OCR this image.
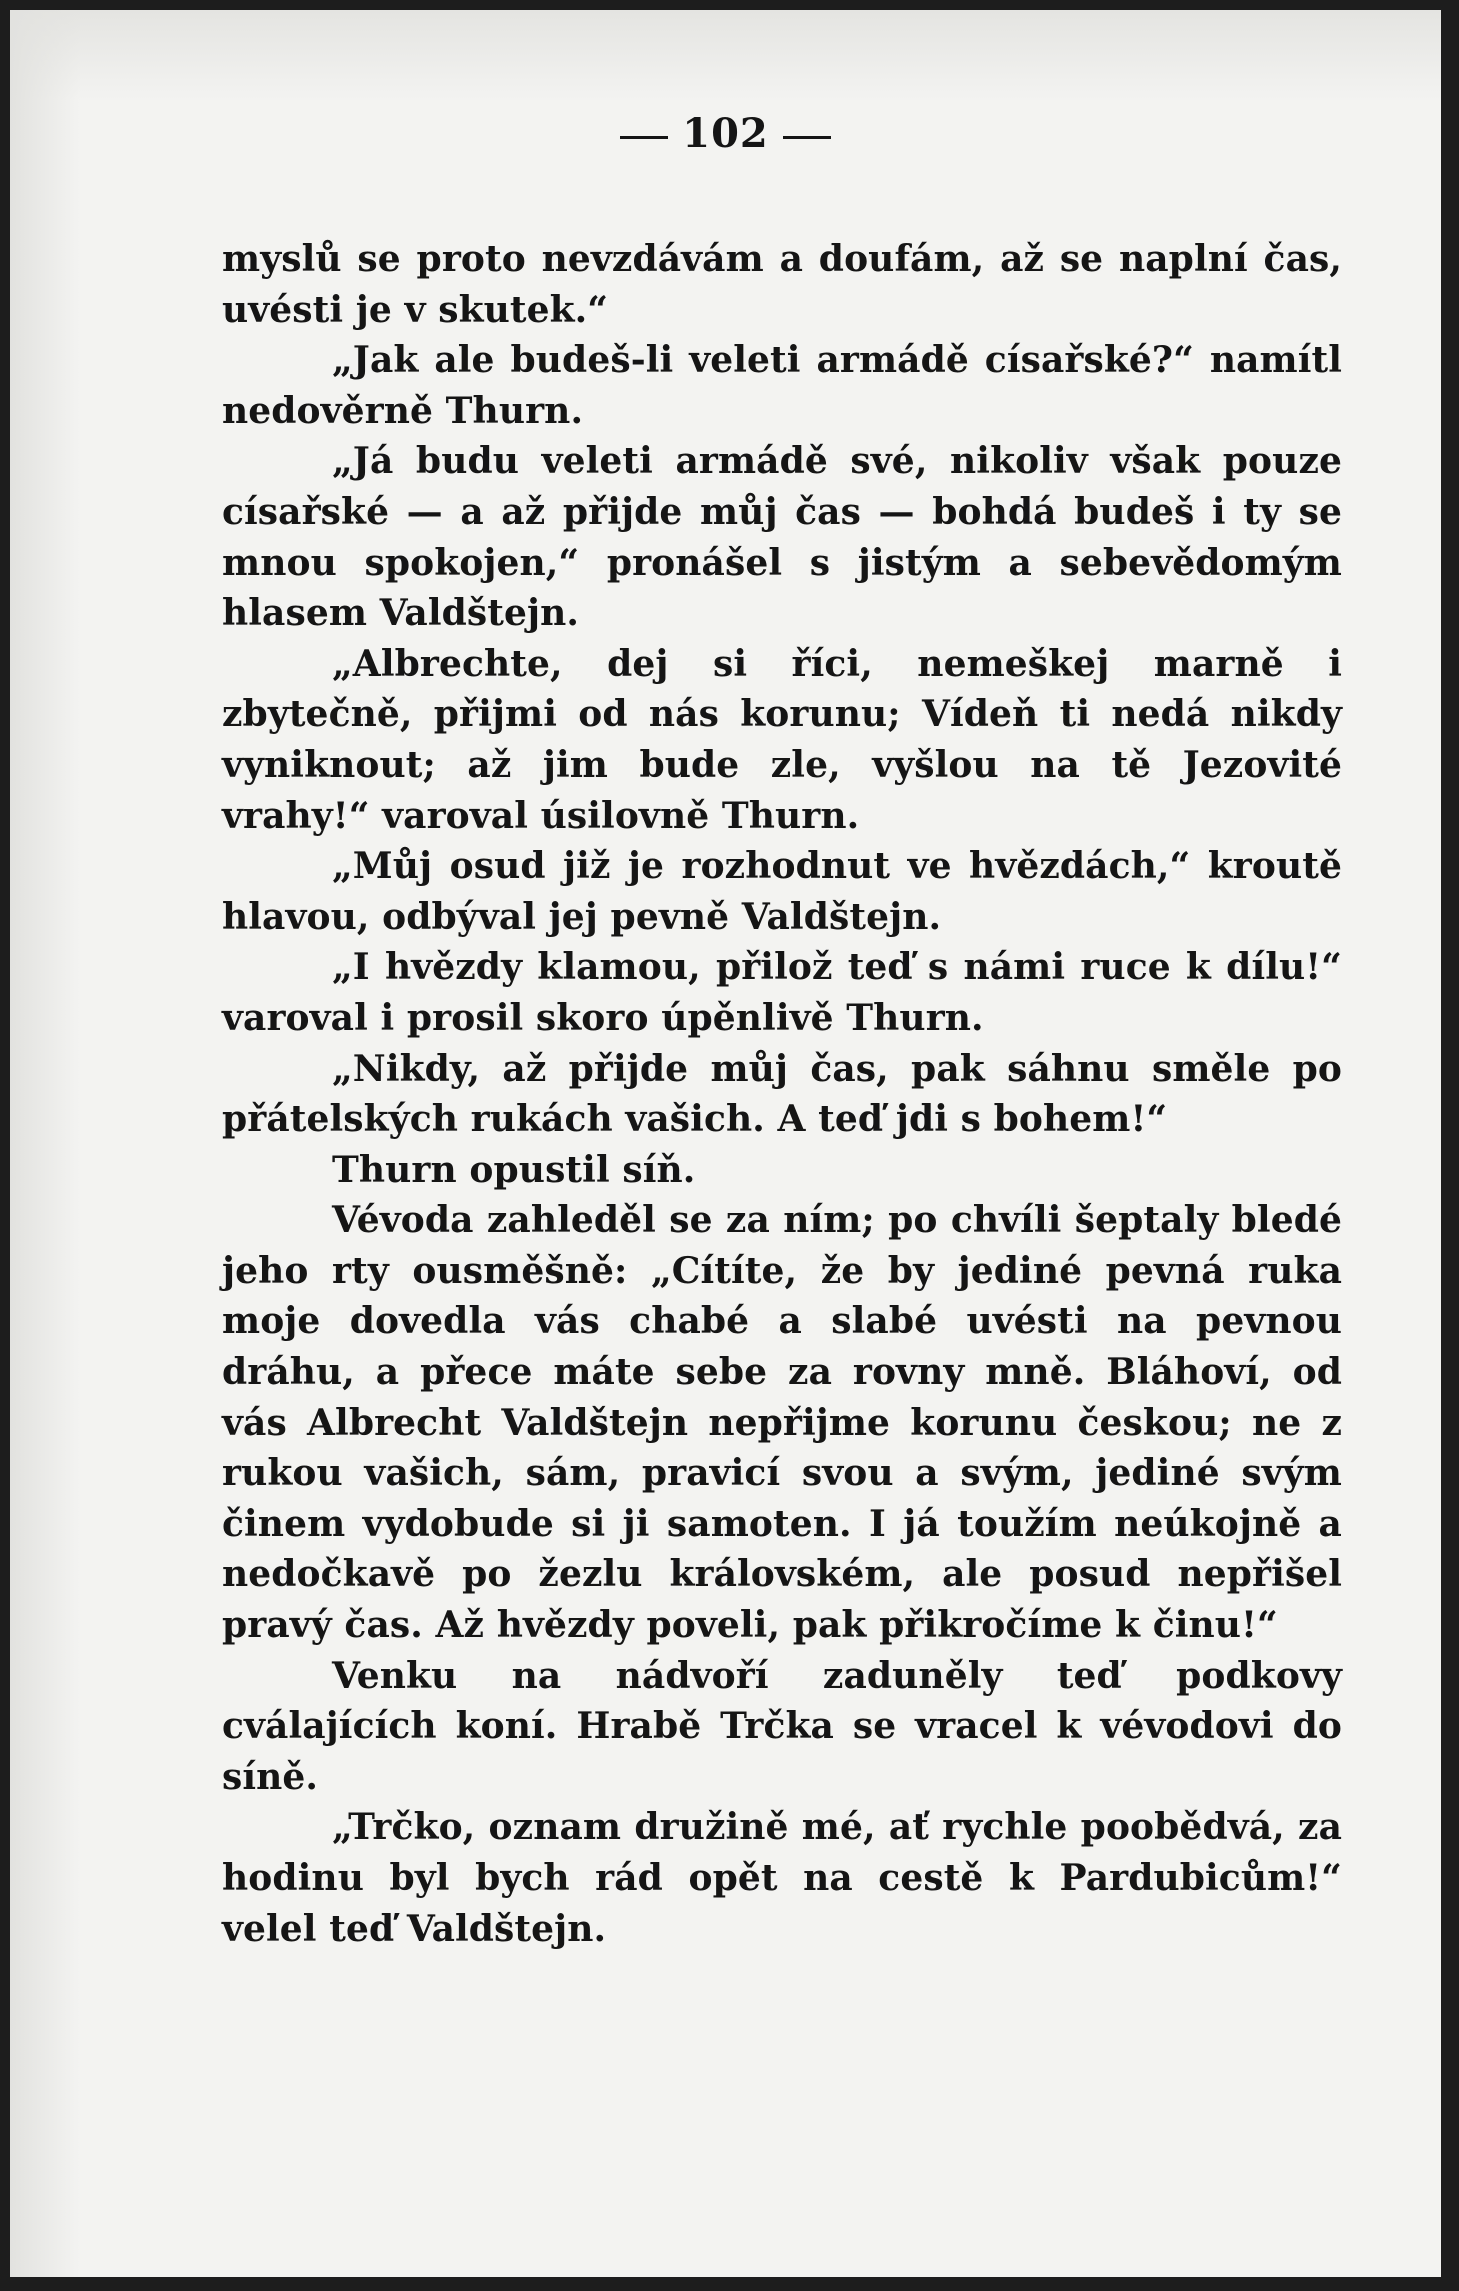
102

myslů se proto nevzdávám a doufám, až se naplní čas, uvésti je v skutek.“

„Jak ale budeš-li veleti armádě císařské?“ namítl nedověrně Thurn.

„Já budu veleti armádě své, nikoliv však pouze císařské — a až přijde můj čas — bohdá budeš i ty se mnou spokojen,“ pronášel s jistým a sebevědomým hlasem Valdštejn.

„Albrechte, dej si říci, nemeškej marně i zbytečně, přijmi od nás korunu; Vídeň ti nedá nikdy vyniknout; až jim bude zle, vyšlou na tě Jezovité vrahy!“ varoval úsilovně Thurn.

„Můj osud již je rozhodnut ve hvězdách,“ kroutě hlavou, odbýval jej pevně Valdštejn.

„I hvězdy klamou, přilož teď s námi ruce k dílu!“ varoval i prosil skoro úpěnlivě Thurn.

„Nikdy, až přijde můj čas, pak sáhnu směle po přátelských rukách vašich. A teď jdi s bohem!“

Thurn opustil síň.

Vévoda zahleděl se za ním; po chvíli šeptaly bledé jeho rty ousměšně: „Cítíte, že by jediné pevná ruka moje dovedla vás chabé a slabé uvésti na pevnou dráhu, a přece máte sebe za rovny mně. Bláhoví, od vás Albrecht Valdštejn nepřijme korunu českou; ne z rukou vašich, sám, pravicí svou a svým, jediné svým činem vydobude si ji samoten. I já toužím neúkojně a nedočkavě po žezlu královském, ale posud nepřišel pravý čas. Až hvězdy poveli, pak přikročíme k činu!“

Venku na nádvoří zaduněly teď podkovy cválajících koní. Hrabě Trčka se vracel k vévodovi do síně.

„Trčko, oznam družině mé, ať rychle poobědvá, za hodinu byl bych rád opět na cestě k Pardubicům!“ velel teď Valdštejn.
